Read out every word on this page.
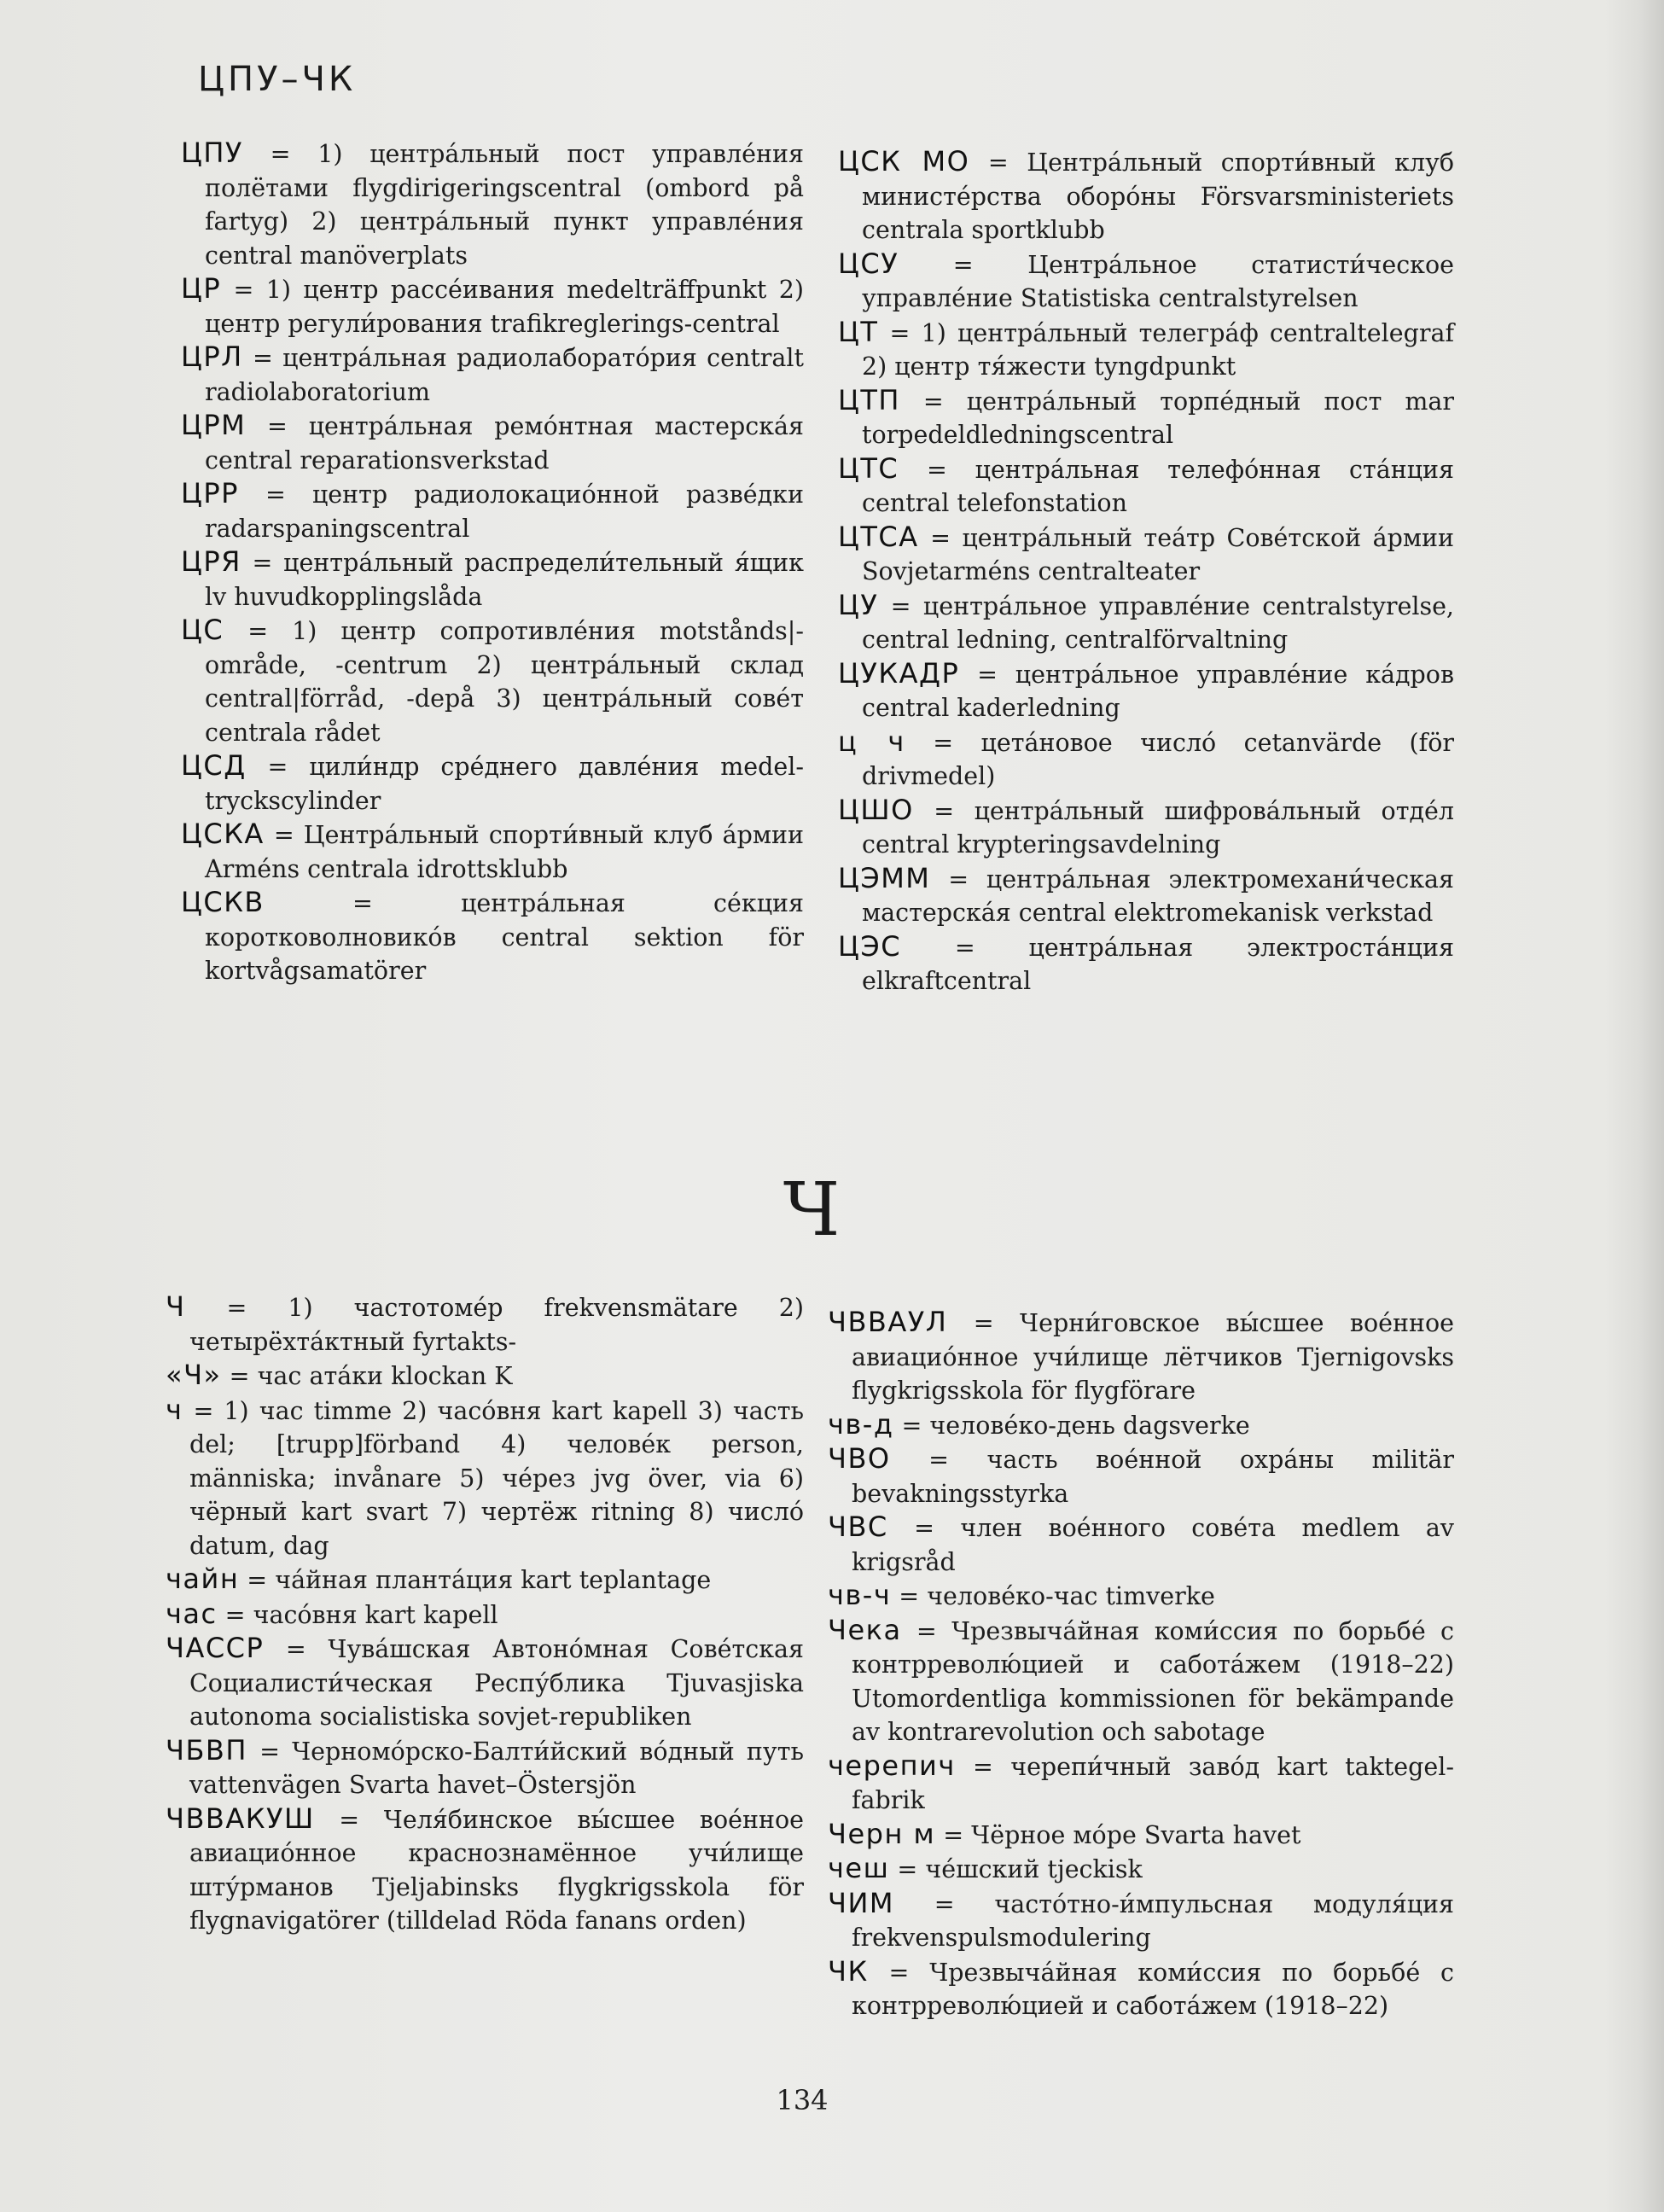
ЦПУ–ЧК

ЦПУ = 1) центра́льный пост управле́ния полётами flygdirigeringscentral (ombord på fartyg) 2) центра́льный пункт управле́ния central manöverplats

ЦР = 1) центр рассе́ивания medelträffpunkt 2) центр регули́рования trafikreglerings-central

ЦРЛ = центра́льная радиолаборато́рия centralt radiolaboratorium

ЦРМ = центра́льная ремо́нтная мастерска́я central reparationsverkstad

ЦРР = центр радиолокацио́нной разве́дки radarspaningscentral

ЦРЯ = центра́льный распредели́тельный я́щик lv huvudkopplingslåda

ЦС = 1) центр сопротивле́ния motstånds|-område, -centrum 2) центра́льный склад central|förråd, -depå 3) центра́льный сове́т centrala rådet

ЦСД = цили́ндр сре́днего давле́ния medel-tryckscylinder

ЦСКА = Центра́льный спорти́вный клуб а́рмии Arméns centrala idrottsklubb

ЦСКВ = центра́льная се́кция коротковолнoвико́в central sektion för kortvågsamatörer

ЦСК МО = Центра́льный спорти́вный клуб министе́рства оборо́ны Försvarsministeriets centrala sportklubb

ЦСУ = Центра́льное статисти́ческое управле́ние Statistiska centralstyrelsen

ЦТ = 1) центра́льный телегра́ф centraltelegraf 2) центр тя́жести tyngdpunkt

ЦТП = центра́льный торпе́дный пост mar torpedeldledningscentral

ЦТС = центра́льная телефо́нная ста́нция central telefonstation

ЦТСА = центра́льный теа́тр Сове́тской а́рмии Sovjetarméns centralteater

ЦУ = центра́льное управле́ние centralstyrelse, central ledning, centralförvaltning

ЦУКАДР = центра́льное управле́ние ка́дров central kaderledning

ц ч = цета́новое число́ cetanvärde (för drivmedel)

ЦШО = центра́льный шифрова́льный отде́л central krypteringsavdelning

ЦЭММ = центра́льная электромехани́ческая мастерска́я central elektromekanisk verkstad

ЦЭС = центра́льная электроста́нция elkraftcentral

Ч

Ч = 1) частотоме́р frekvensmätare 2) четырёхта́ктный fyrtakts-

«Ч» = час ата́ки klockan K

ч = 1) час timme 2) часо́вня kart kapell 3) часть del; [trupp]förband 4) челове́к person, människa; invånare 5) че́рез jvg över, via 6) чёрный kart svart 7) чертёж ritning 8) число́ datum, dag

чайн = ча́йная планта́ция kart teplantage

час = часо́вня kart kapell

ЧАССР = Чува́шская Автоно́мная Сове́тская Социалисти́ческая Респу́блика Tjuvasjiska autonoma socialistiska sovjet-republiken

ЧБВП = Черномо́рско-Балти́йский во́дный путь vattenvägen Svarta havet–Östersjön

ЧВВАКУШ = Челя́бинское вы́сшее вое́нное авиацио́нное краснознамённое учи́лище шту́рманов Tjeljabinsks flygkrigsskola för flygnavigatörer (tilldelad Röda fanans orden)

ЧВВАУЛ = Черни́говское вы́сшее вое́нное авиацио́нное учи́лище лётчиков Tjernigovsks flygkrigsskola för flygförare

чв-д = челове́ко-день dagsverke

ЧВО = часть вое́нной охра́ны militär bevakningsstyrka

ЧВС = член вое́нного сове́та medlem av krigsråd

чв-ч = челове́ко-час timverke

Чека = Чрезвыча́йная коми́ссия по борьбе́ с контрреволю́цией и сабота́жем (1918–22) Utomordentliga kommissionen för bekämpande av kontrarevolution och sabotage

черепич = черепи́чный заво́д kart taktegel-fabrik

Черн м = Чёрное мо́ре Svarta havet

чеш = че́шский tjeckisk

ЧИМ = часто́тно-и́мпульсная модуля́ция frekvenspulsmodulering

ЧК = Чрезвыча́йная коми́ссия по борьбе́ с контрреволю́цией и сабота́жем (1918–22)

134
